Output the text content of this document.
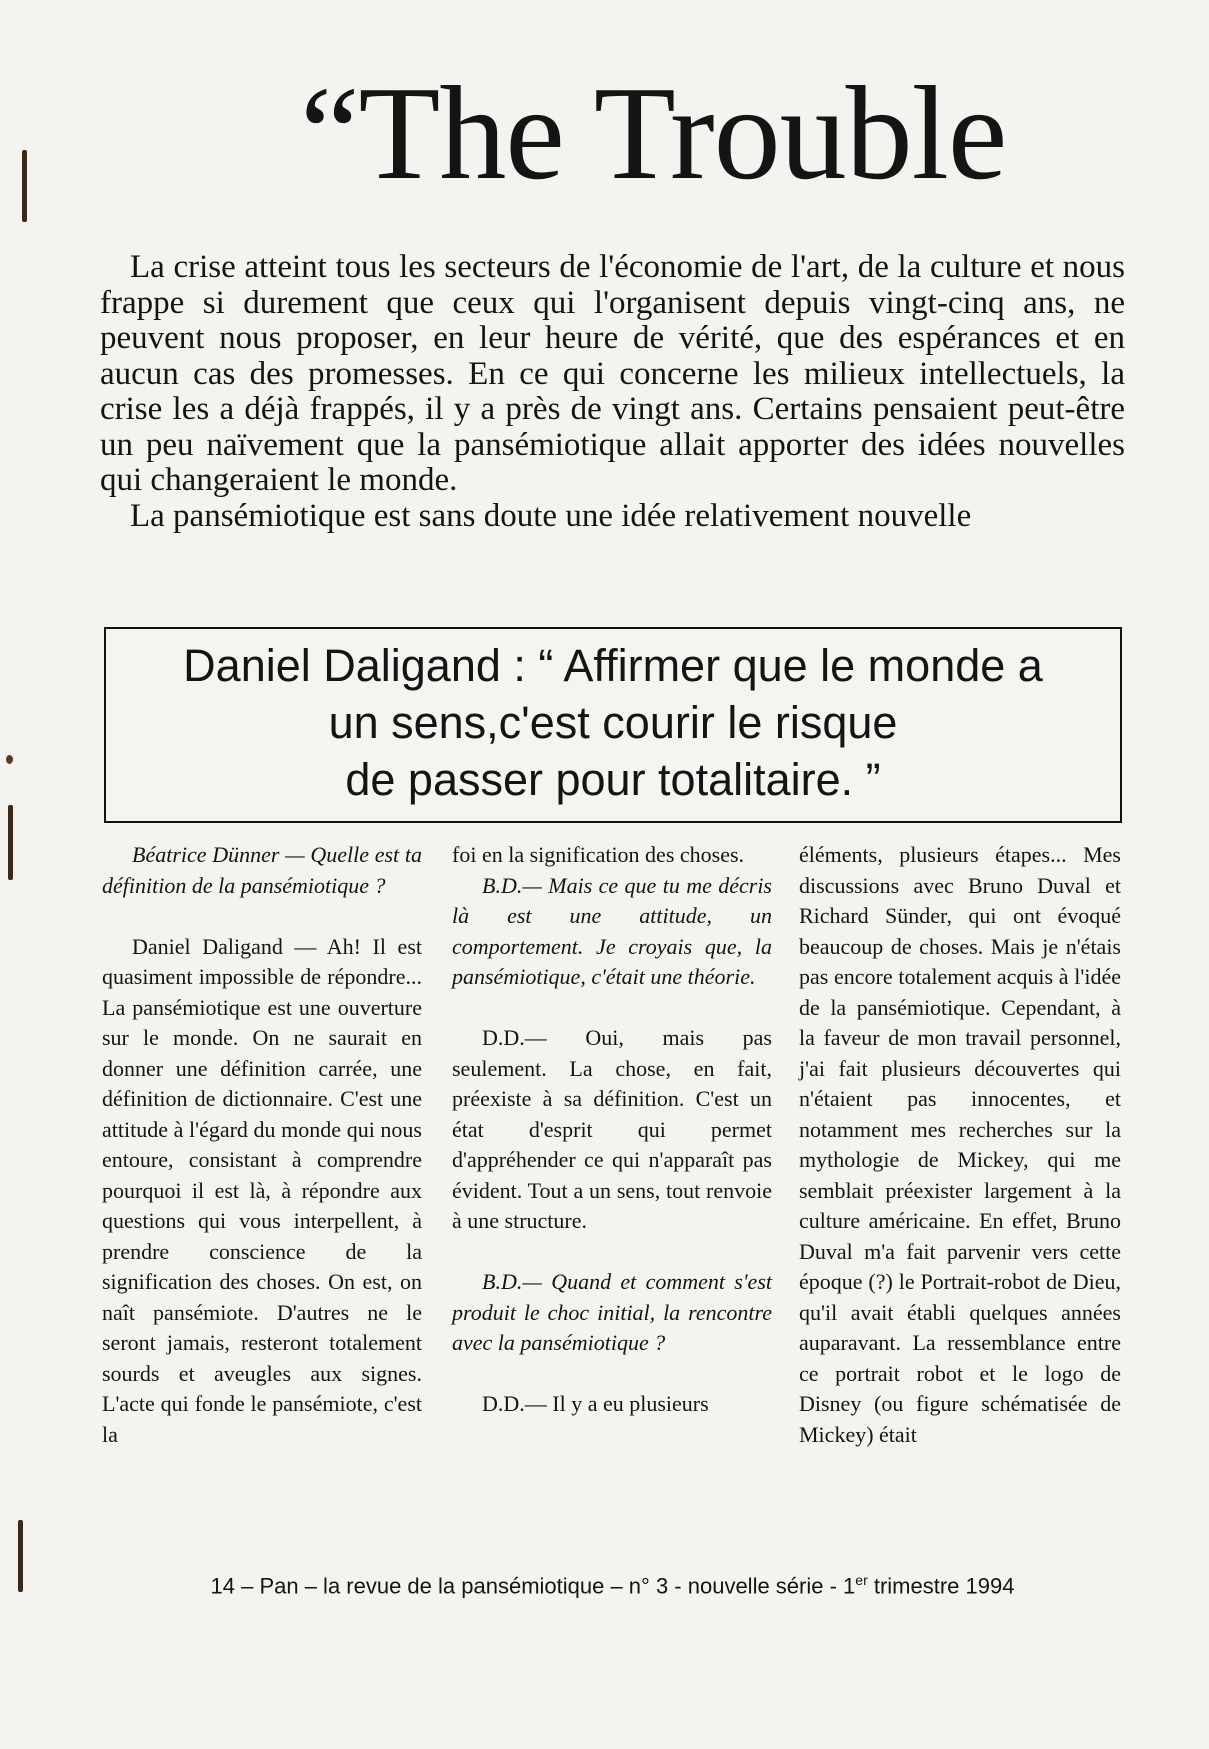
“The Trouble

La crise atteint tous les secteurs de l'économie de l'art, de la culture et nous frappe si durement que ceux qui l'organisent depuis vingt-cinq ans, ne peuvent nous proposer, en leur heure de vérité, que des espérances et en aucun cas des promesses. En ce qui concerne les milieux intellectuels, la crise les a déjà frappés, il y a près de vingt ans. Certains pensaient peut-être un peu naïvement que la pansémiotique allait apporter des idées nouvelles qui changeraient le monde.

La pansémiotique est sans doute une idée relativement nouvelle

Daniel Daligand : “ Affirmer que le monde a
un sens,c'est courir le risque
de passer pour totalitaire. ”

Béatrice Dünner — Quelle est ta définition de la pansémiotique ?

Daniel Daligand — Ah! Il est quasiment impossible de répondre... La pansémiotique est une ouverture sur le monde. On ne saurait en donner une définition carrée, une définition de dictionnaire. C'est une attitude à l'égard du monde qui nous entoure, consistant à comprendre pourquoi il est là, à répondre aux questions qui vous interpellent, à prendre conscience de la signification des choses. On est, on naît pansémiote. D'autres ne le seront jamais, resteront totalement sourds et aveugles aux signes. L'acte qui fonde le pansémiote, c'est la

foi en la signification des choses.

B.D.— Mais ce que tu me décris là est une attitude, un comportement. Je croyais que, la pansémiotique, c'était une théorie.

D.D.— Oui, mais pas seulement. La chose, en fait, préexiste à sa définition. C'est un état d'esprit qui permet d'appréhender ce qui n'apparaît pas évident. Tout a un sens, tout renvoie à une structure.

B.D.— Quand et comment s'est produit le choc initial, la rencontre avec la pansémiotique ?

D.D.— Il y a eu plusieurs

éléments, plusieurs étapes... Mes discussions avec Bruno Duval et Richard Sünder, qui ont évoqué beaucoup de choses. Mais je n'étais pas encore totalement acquis à l'idée de la pansémiotique. Cependant, à la faveur de mon travail personnel, j'ai fait plusieurs découvertes qui n'étaient pas innocentes, et notamment mes recherches sur la mythologie de Mickey, qui me semblait préexister largement à la culture américaine. En effet, Bruno Duval m'a fait parvenir vers cette époque (?) le Portrait-robot de Dieu, qu'il avait établi quelques années auparavant. La ressemblance entre ce portrait robot et le logo de Disney (ou figure schématisée de Mickey) était

14 – Pan – la revue de la pansémiotique – n° 3 - nouvelle série - 1er trimestre 1994
